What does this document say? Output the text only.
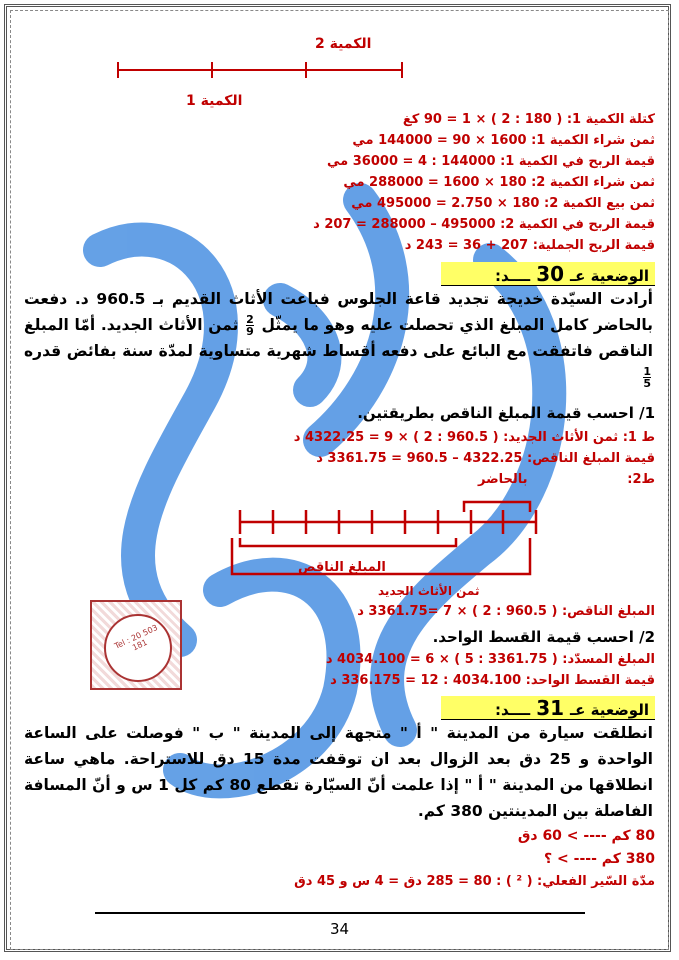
الكمية 2
الكمية 1
كتلة الكمية 1: ( 180 : 2 ) × 1 = 90 كغ
ثمن شراء الكمية 1: 1600 × 90 = 144000 مي
قيمة الربح في الكمية 1: 144000 : 4 = 36000 مي
ثمن شراء الكمية 2: 180 × 1600 = 288000 مي
ثمن بيع الكمية 2: 180 × 2.750 = 495000 مي
قيمة الربح في الكمية 2: 495000 – 288000 = 207 د
قيمة الربح الجملية: 207 + 36 = 243 د
الوضعية عـ30ــــد:
أرادت السيّدة خديجة تجديد قاعة الجلوس فباعت الأثاث القديم بـ 960.5 د. دفعت بالحاضر كامل المبلغ الذي تحصلت عليه وهو ما يمثّل
$\frac{2}{9}$
ثمن الأثاث الجديد. أمّا المبلغ الناقص فاتفقت مع البائع على دفعه أقساط شهرية متساوية لمدّة سنة بفائض قدره
$\frac{1}{5}$
1/ احسب قيمة المبلغ الناقص بطريقتين.
ط 1: ثمن الأثاث الجديد: ( 960.5 : 2 ) × 9 = 4322.25 د
قيمة المبلغ الناقص: 4322.25 – 960.5 = 3361.75 د
ط2:
بالحاضر
المبلغ الناقص
ثمن الأثاث الجديد
Tel : 20 503 181
المبلغ الناقص: ( 960.5 : 2 ) × 7 =3361.75 د
2/ احسب قيمة القسط الواحد.
المبلغ المسدّد: ( 3361.75 : 5 ) × 6 = 4034.100 د
قيمة القسط الواحد: 4034.100 : 12 = 336.175 د
الوضعية عـ31ــــد:
انطلقت سيارة من المدينة " أ " متجهة إلى المدينة " ب " فوصلت على الساعة الواحدة و 25 دق بعد الزوال بعد ان توقفت مدة 15 دق للاستراحة. ماهي ساعة انطلاقها من المدينة " أ " إذا علمت أنّ السيّارة تقطع 80 كم كل 1 س و أنّ المسافة الفاصلة بين المدينتين 380 كم.
80 كم ---- > 60 دق
380 كم ---- > ؟
مدّة السّير الفعلي: ( ² ) : 80 = 285 دق = 4 س و 45 دق
34
